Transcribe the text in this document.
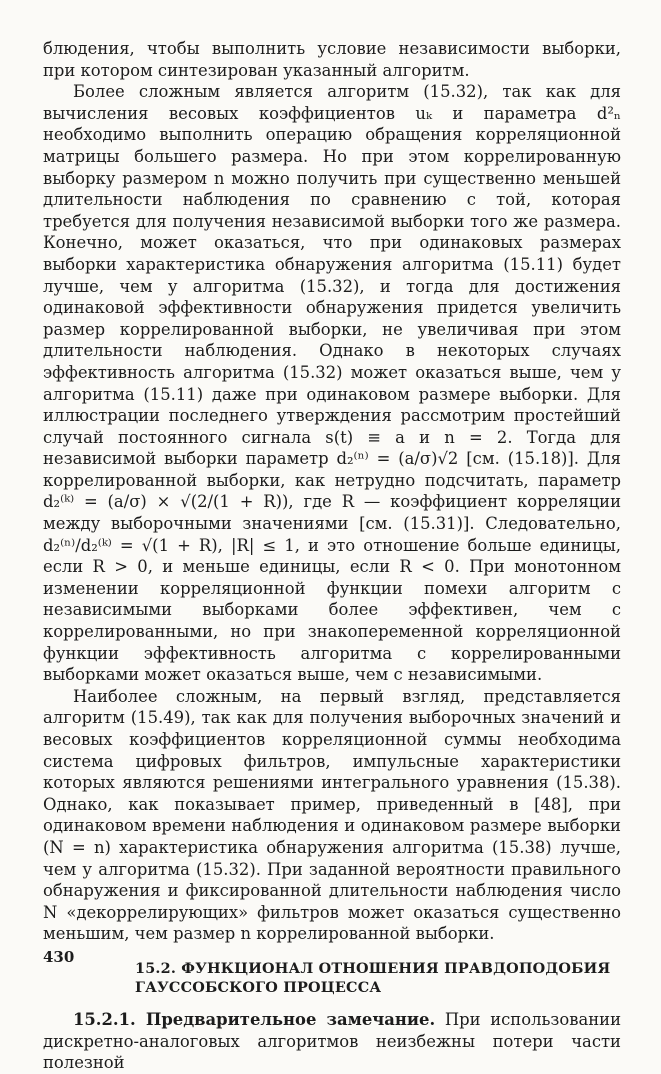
блюдения, чтобы выполнить условие независимости выборки, при котором синтезирован указанный алгоритм.

Более сложным является алгоритм (15.32), так как для вычисления весовых коэффициентов uₖ и параметра d²ₙ необходимо выполнить операцию обращения корреляционной матрицы большего размера. Но при этом коррелированную выборку размером n можно получить при существенно меньшей длительности наблюдения по сравнению с той, которая требуется для получения независимой выборки того же размера. Конечно, может оказаться, что при одинаковых размерах выборки характеристика обнаружения алгоритма (15.11) будет лучше, чем у алгоритма (15.32), и тогда для достижения одинаковой эффективности обнаружения придется увеличить размер коррелированной выборки, не увеличивая при этом длительности наблюдения. Однако в некоторых случаях эффективность алгоритма (15.32) может оказаться выше, чем у алгоритма (15.11) даже при одинаковом размере выборки. Для иллюстрации последнего утверждения рассмотрим простейший случай постоянного сигнала s(t) ≡ a и n = 2. Тогда для независимой выборки параметр d₂⁽ⁿ⁾ = (a/σ)√2 [см. (15.18)]. Для коррелированной выборки, как нетрудно подсчитать, параметр d₂⁽ᵏ⁾ = (a/σ) × √(2/(1 + R)), где R — коэффициент корреляции между выборочными значениями [см. (15.31)]. Следовательно, d₂⁽ⁿ⁾/d₂⁽ᵏ⁾ = √(1 + R), |R| ≤ 1, и это отношение больше единицы, если R > 0, и меньше единицы, если R < 0. При монотонном изменении корреляционной функции помехи алгоритм с независимыми выборками более эффективен, чем с коррелированными, но при знакопеременной корреляционной функции эффективность алгоритма с коррелированными выборками может оказаться выше, чем с независимыми.

Наиболее сложным, на первый взгляд, представляется алгоритм (15.49), так как для получения выборочных значений и весовых коэффициентов корреляционной суммы необходима система цифровых фильтров, импульсные характеристики которых являются решениями интегрального уравнения (15.38). Однако, как показывает пример, приведенный в [48], при одинаковом времени наблюдения и одинаковом размере выборки (N = n) характеристика обнаружения алгоритма (15.38) лучше, чем у алгоритма (15.32). При заданной вероятности правильного обнаружения и фиксированной длительности наблюдения число N «декоррелирующих» фильтров может оказаться существенно меньшим, чем размер n коррелированной выборки.

15.2. ФУНКЦИОНАЛ ОТНОШЕНИЯ ПРАВДОПОДОБИЯ ГАУССОБСКОГО ПРОЦЕССА

15.2.1. Предварительное замечание. При использовании дискретно-аналоговых алгоритмов неизбежны потери части полезной

430
